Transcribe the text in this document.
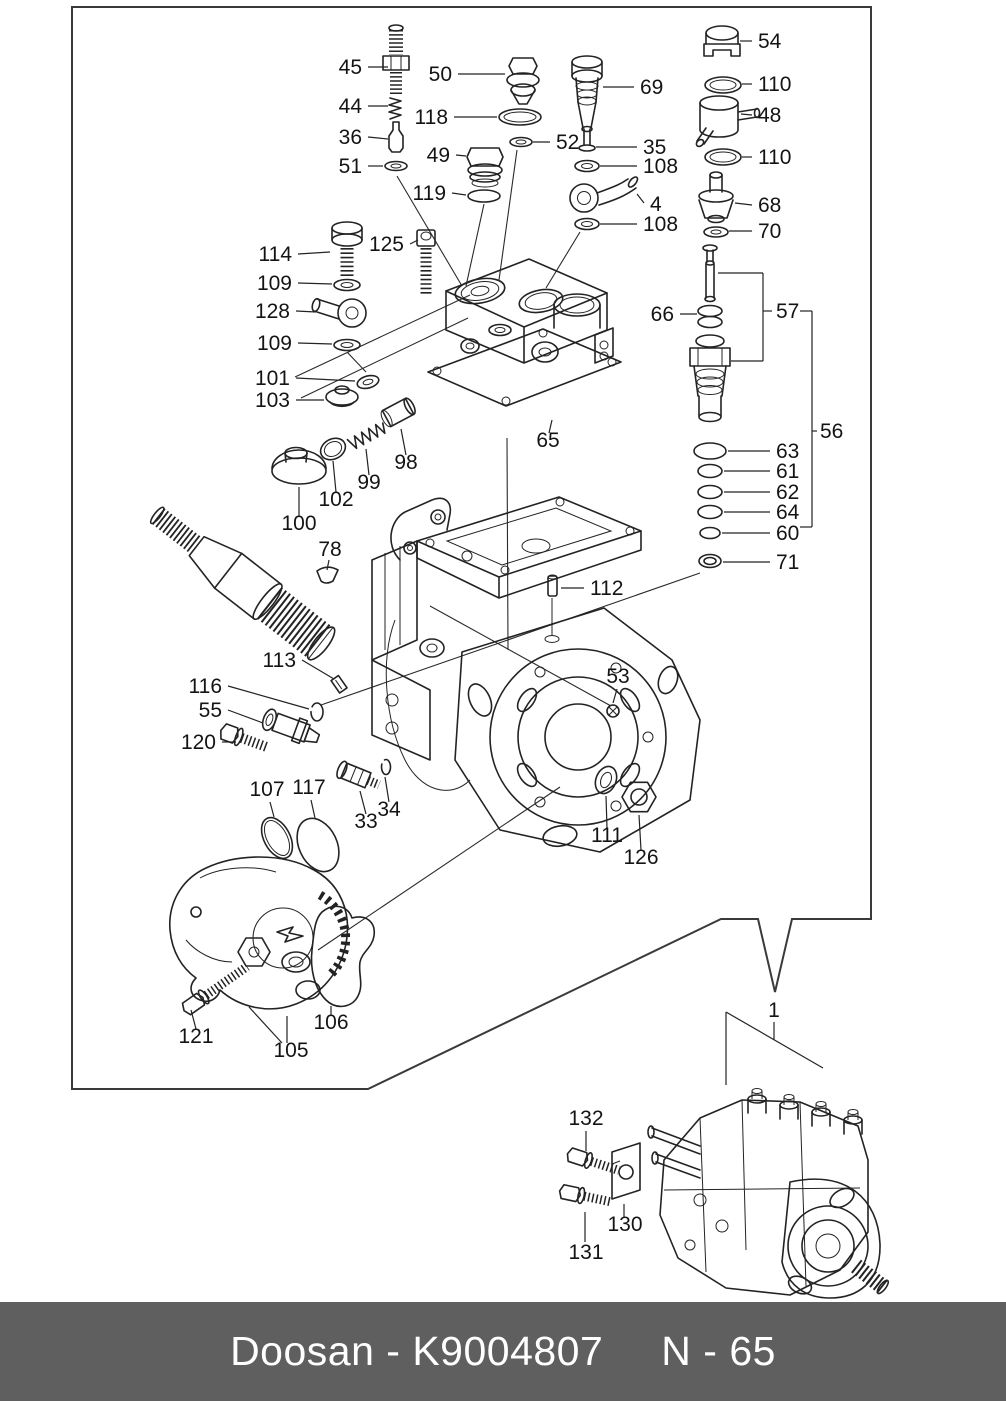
45
44
36
51
50
118
49
119
52
69
35
108
4
108
54
110
48
110
68
70
66	57
56
63
61
62
64
60
71
114
109
128
109
101
103
125
65
100
102
99
98
78
113
116
55
120
112
53
33
34
107 117
111
126
121
106
105
1
132
130
131
Doosan - K9004807 N - 65
